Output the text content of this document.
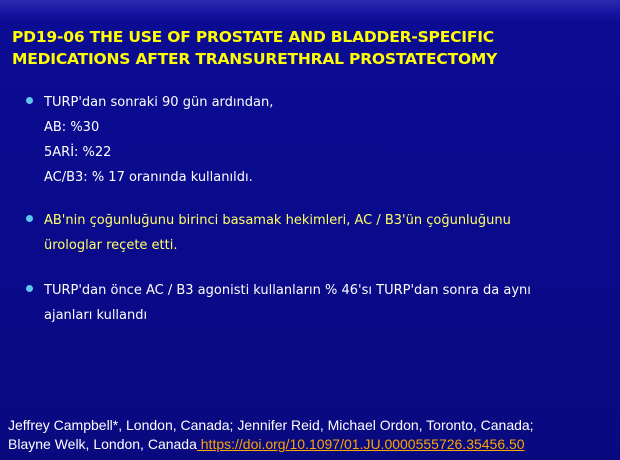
PD19-06 THE USE OF PROSTATE AND BLADDER-SPECIFIC
MEDICATIONS AFTER TRANSURETHRAL PROSTATECTOMY
TURP'dan sonraki 90 gün ardından,
AB: %30
5ARİ: %22
AC/B3: % 17 oranında kullanıldı.
AB'nin çoğunluğunu birinci basamak hekimleri, AC / B3'ün çoğunluğunu
ürologlar reçete etti.
TURP'dan önce AC / B3 agonisti kullanların % 46'sı TURP'dan sonra da aynı
ajanları kullandı
Jeffrey Campbell*, London, Canada; Jennifer Reid, Michael Ordon, Toronto, Canada;
Blayne Welk, London, Canada https://doi.org/10.1097/01.JU.0000555726.35456.50
